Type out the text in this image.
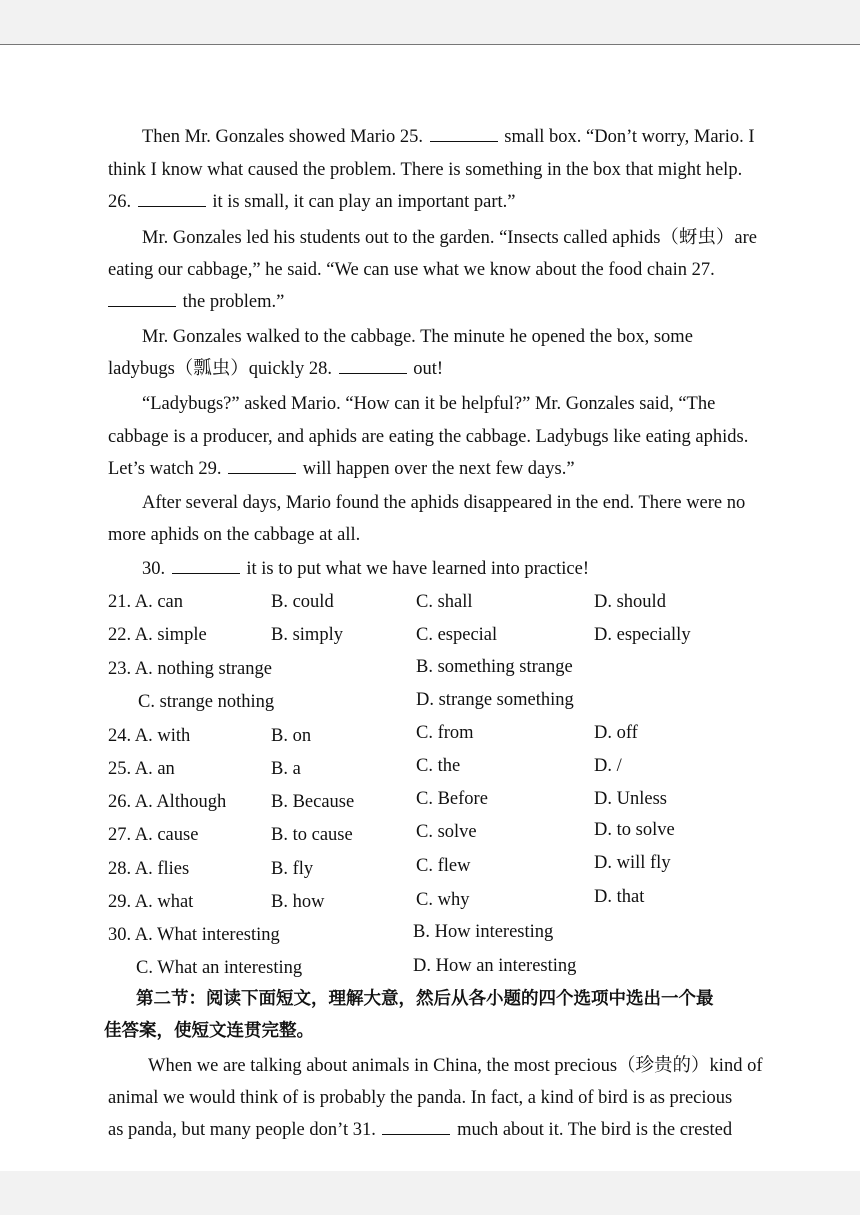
Then Mr. Gonzales showed Mario 25.	small box. “Don’t worry, Mario. I
think I know what caused the problem. There is something in the box that might help.
26.	it is small, it can play an important part.”
Mr. Gonzales led his students out to the garden. “Insects called aphids（蚜虫）are
eating our cabbage,” he said. “We can use what we know about the food chain 27.
the problem.”
Mr. Gonzales walked to the cabbage. The minute he opened the box, some
ladybugs（瓢虫）quickly 28.	out!
“Ladybugs?” asked Mario. “How can it be helpful?” Mr. Gonzales said, “The
cabbage is a producer, and aphids are eating the cabbage. Ladybugs like eating aphids.
Let’s watch 29.	will happen over the next few days.”
After several days, Mario found the aphids disappeared in the end. There were no
more aphids on the cabbage at all.
30.	it is to put what we have learned into practice!
21. A. can	B. could	C. shall	D. should
22. A. simple	B. simply	C. especial	D. especially
23. A. nothing strange	B. something strange
C. strange nothing	D. strange something
24. A. with	B. on	C. from	D. off
25. A. an	B. a	C. the	D. /
26. A. Although B. Because	C. Before	D. Unless
27. A. cause	B. to cause	C. solve	D. to solve
28. A. flies	B. fly	C. flew	D. will fly
29. A. what	B. how	C. why	D. that
30. A. What interesting	B. How interesting
C. What an interesting	D. How an interesting
第二节：阅读下面短文，理解大意，然后从各小题的四个选项中选出一个最
佳答案，使短文连贯完整。
When we are talking about animals in China, the most precious（珍贵的）kind of
animal we would think of is probably the panda. In fact, a kind of bird is as precious
as panda, but many people don’t 31.	much about it. The bird is the crested
